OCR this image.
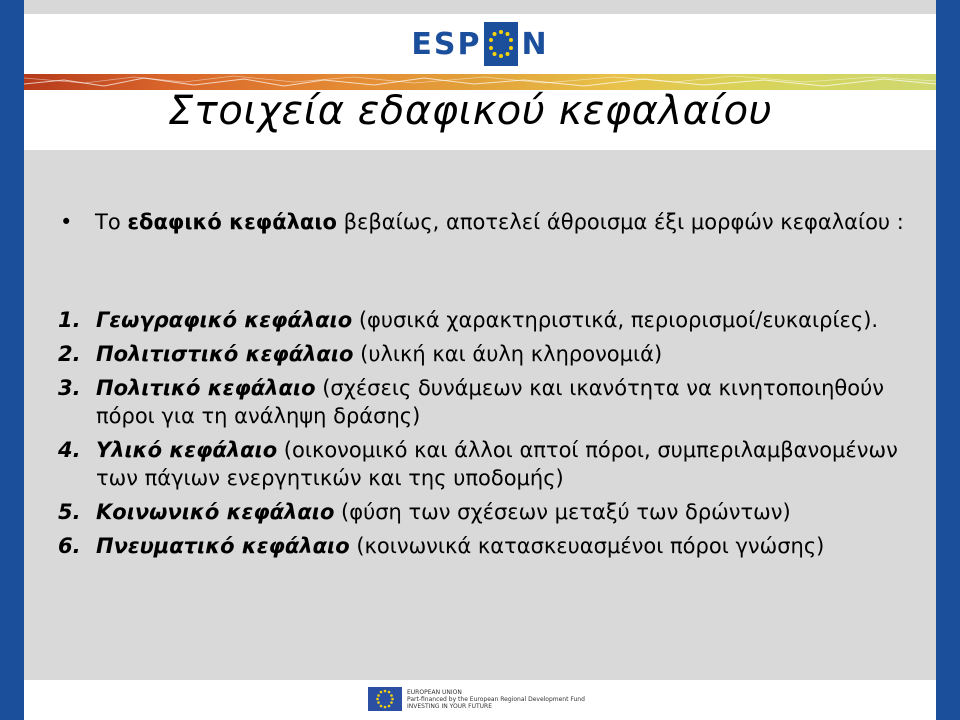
ESP N
Στοιχεία εδαφικού κεφαλαίου
•	Το εδαφικό κεφάλαιο βεβαίως, αποτελεί άθροισμα έξι μορφών κεφαλαίου :
1. Γεωγραφικό κεφάλαιο (φυσικά χαρακτηριστικά, περιορισμοί/ευκαιρίες).
2. Πολιτιστικό κεφάλαιο (υλική και άυλη κληρονομιά)
3. Πολιτικό κεφάλαιο (σχέσεις δυνάμεων και ικανότητα να κινητοποιηθούν πόροι για τη ανάληψη δράσης)
4. Υλικό κεφάλαιο (οικονομικό και άλλοι απτοί πόροι, συμπεριλαμβανομένων των πάγιων ενεργητικών και της υποδομής)
5. Κοινωνικό κεφάλαιο (φύση των σχέσεων μεταξύ των δρώντων)
6. Πνευματικό κεφάλαιο (κοινωνικά κατασκευασμένοι πόροι γνώσης)
EUROPEAN UNION
Part-financed by the European Regional Development Fund
INVESTING IN YOUR FUTURE
